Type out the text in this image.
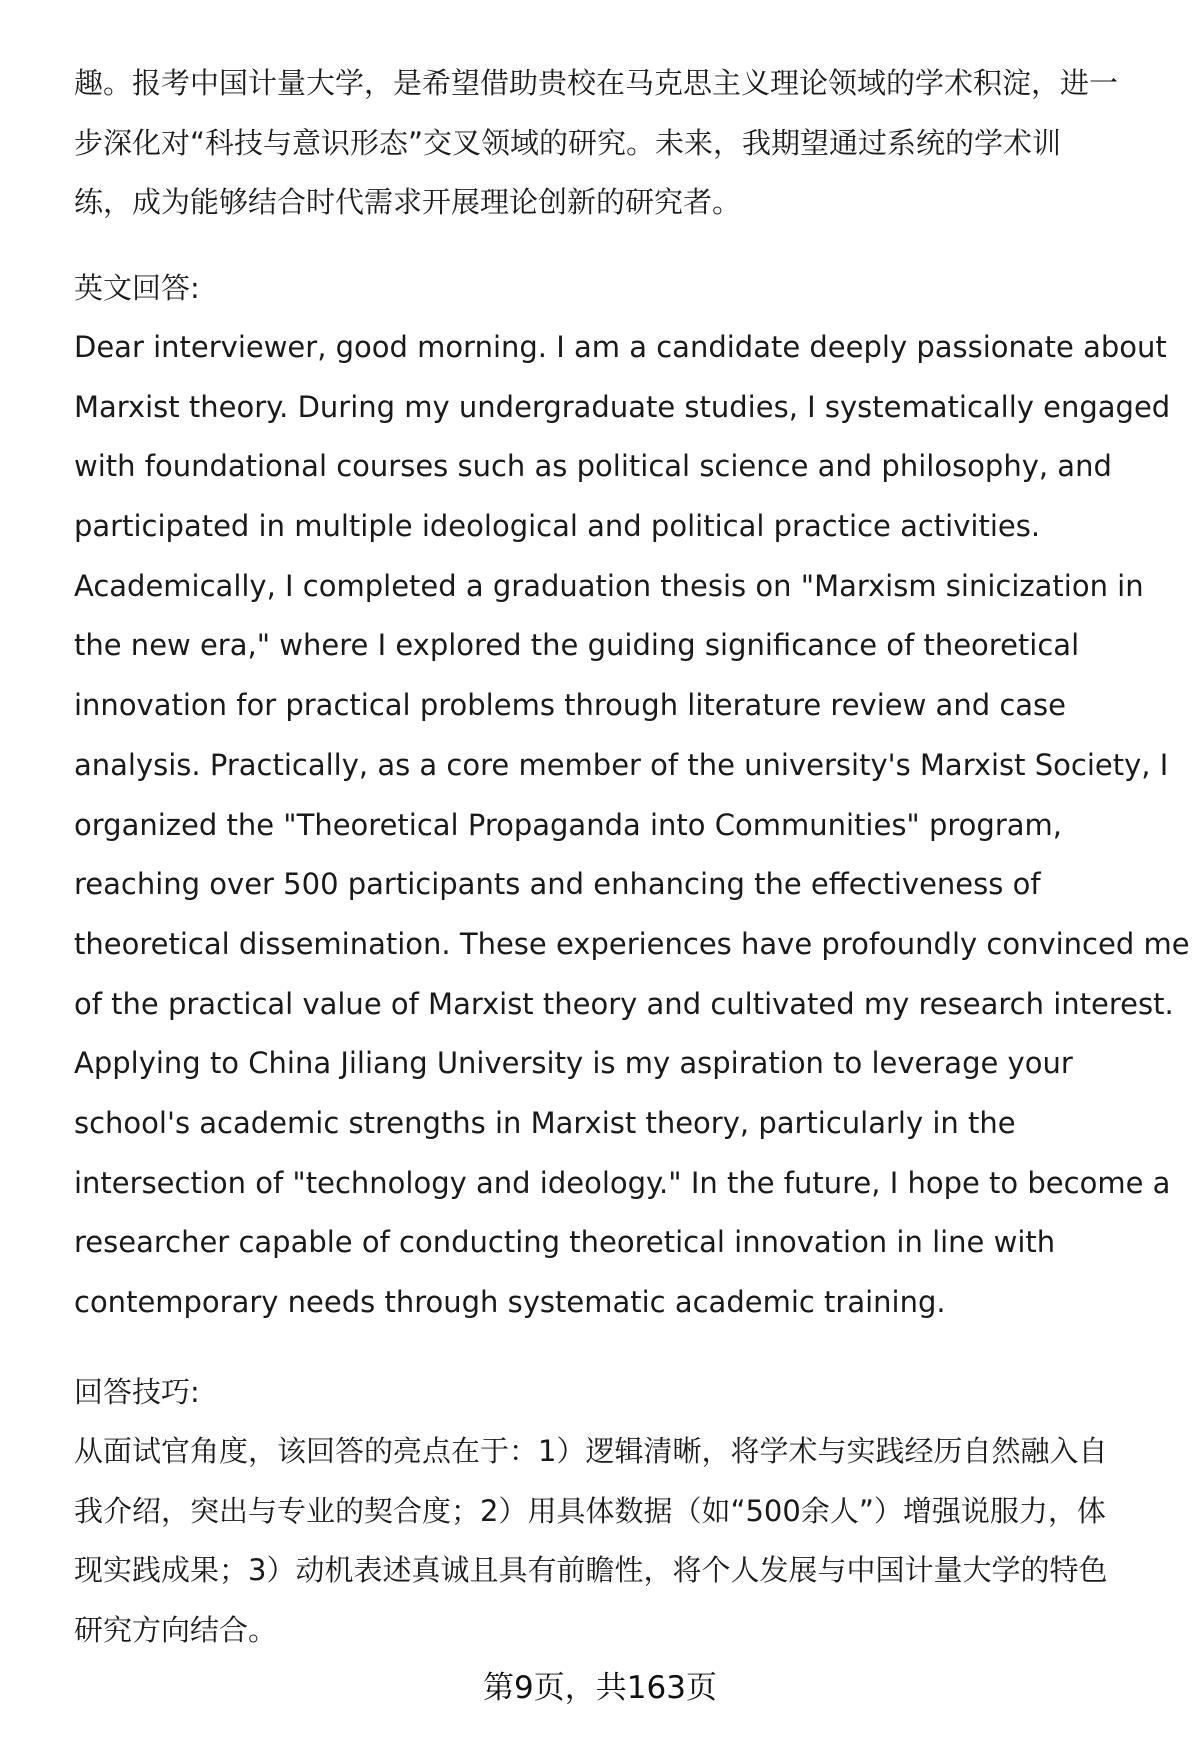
趣。报考中国计量大学，是希望借助贵校在马克思主义理论领域的学术积淀，进一
步深化对“科技与意识形态”交叉领域的研究。未来，我期望通过系统的学术训
练，成为能够结合时代需求开展理论创新的研究者。
英文回答:
Dear interviewer, good morning. I am a candidate deeply passionate about
Marxist theory. During my undergraduate studies, I systematically engaged
with foundational courses such as political science and philosophy, and
participated in multiple ideological and political practice activities.
Academically, I completed a graduation thesis on "Marxism sinicization in
the new era," where I explored the guiding significance of theoretical
innovation for practical problems through literature review and case
analysis. Practically, as a core member of the university's Marxist Society, I
organized the "Theoretical Propaganda into Communities" program,
reaching over 500 participants and enhancing the effectiveness of
theoretical dissemination. These experiences have profoundly convinced me
of the practical value of Marxist theory and cultivated my research interest.
Applying to China Jiliang University is my aspiration to leverage your
school's academic strengths in Marxist theory, particularly in the
intersection of "technology and ideology." In the future, I hope to become a
researcher capable of conducting theoretical innovation in line with
contemporary needs through systematic academic training.
回答技巧:
从面试官角度，该回答的亮点在于：1）逻辑清晰，将学术与实践经历自然融入自
我介绍，突出与专业的契合度；2）用具体数据（如“500余人”）增强说服力，体
现实践成果；3）动机表述真诚且具有前瞻性，将个人发展与中国计量大学的特色
研究方向结合。
第9页，共163页
